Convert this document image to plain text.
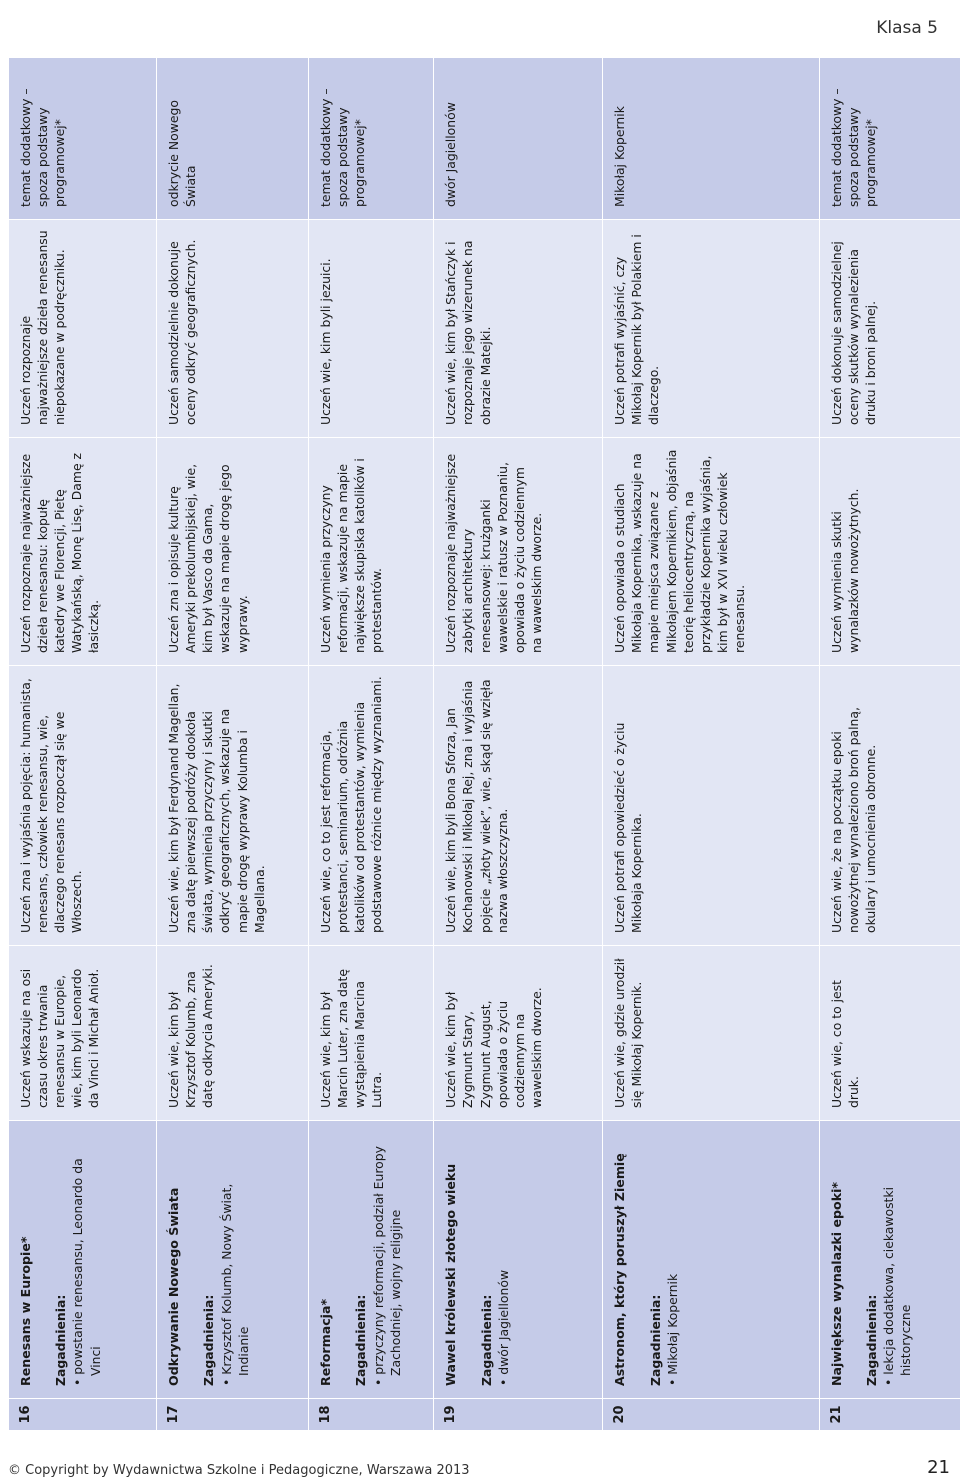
Klasa 5
16
Renesans w Europie* Zagadnienia: • powstanie renesansu, Leonardo da Vinci
Uczeń wskazuje na osi czasu okres trwania renesansu w Europie, wie, kim byli Leonardo da Vinci i Michał Anioł.
Uczeń zna i wyjaśnia pojęcia: humanista, renesans, człowiek renesansu, wie, dlaczego renesans rozpoczął się we Włoszech.
Uczeń rozpoznaje najważniejsze dzieła renesansu: kopułę katedry we Florencji, Pietę Watykańską, Monę Lisę, Damę z łasiczką.
Uczeń rozpoznaje najważniejsze dzieła renesansu niepokazane w podręczniku.
temat dodatkowy – spoza podstawy programowej*
17
Odkrywanie Nowego Świata Zagadnienia: • Krzysztof Kolumb, Nowy Świat, Indianie
Uczeń wie, kim był Krzysztof Kolumb, zna datę odkrycia Ameryki.
Uczeń wie, kim był Ferdynand Magellan, zna datę pierwszej podróży dookoła świata, wymienia przyczyny i skutki odkryć geograficznych, wskazuje na mapie drogę wyprawy Kolumba i Magellana.
Uczeń zna i opisuje kulturę Ameryki prekolumbijskiej, wie, kim był Vasco da Gama, wskazuje na mapie drogę jego wyprawy.
Uczeń samodzielnie dokonuje oceny odkryć geograficznych.
odkrycie Nowego Świata
18
Reformacja* Zagadnienia: • przyczyny reformacji, podział Europy Zachodniej, wojny religijne
Uczeń wie, kim był Marcin Luter, zna datę wystąpienia Marcina Lutra.
Uczeń wie, co to jest reformacja, protestanci, seminarium, odróżnia katolików od protestantów, wymienia podstawowe różnice między wyznaniami.
Uczeń wymienia przyczyny reformacji, wskazuje na mapie największe skupiska katolików i protestantów.
Uczeń wie, kim byli jezuici.
temat dodatkowy – spoza podstawy programowej*
19
Wawel królewski złotego wieku Zagadnienia: • dwór Jagiellonów
Uczeń wie, kim był Zygmunt Stary, Zygmunt August, opowiada o życiu codziennym na wawelskim dworze.
Uczeń wie, kim byli Bona Sforza, Jan Kochanowski i Mikołaj Rej, zna i wyjaśnia pojęcie „złoty wiek”, wie, skąd się wzięła nazwa włoszczyzna.
Uczeń rozpoznaje najważniejsze zabytki architektury renesansowej: krużganki wawelskie i ratusz w Poznaniu, opowiada o życiu codziennym na wawelskim dworze.
Uczeń wie, kim był Stańczyk i rozpoznaje jego wizerunek na obrazie Matejki.
dwór Jagiellonów
20
Astronom, który poruszył Ziemię Zagadnienia: • Mikołaj Kopernik
Uczeń wie, gdzie urodził się Mikołaj Kopernik.
Uczeń potrafi opowiedzieć o życiu Mikołaja Kopernika.
Uczeń opowiada o studiach Mikołaja Kopernika, wskazuje na mapie miejsca związane z Mikołajem Kopernikiem, objaśnia teorię heliocentryczną, na przykładzie Kopernika wyjaśnia, kim był w XVI wieku człowiek renesansu.
Uczeń potrafi wyjaśnić, czy Mikołaj Kopernik był Polakiem i dlaczego.
Mikołaj Kopernik
21
Największe wynalazki epoki* Zagadnienia: • lekcja dodatkowa, ciekawostki historyczne
Uczeń wie, co to jest druk.
Uczeń wie, że na początku epoki nowożytnej wynaleziono broń palną, okulary i umocnienia obronne.
Uczeń wymienia skutki wynalazków nowożytnych.
Uczeń dokonuje samodzielnej oceny skutków wynalezienia druku i broni palnej.
temat dodatkowy – spoza podstawy programowej*
© Copyright by Wydawnictwa Szkolne i Pedagogiczne, Warszawa 2013	21
